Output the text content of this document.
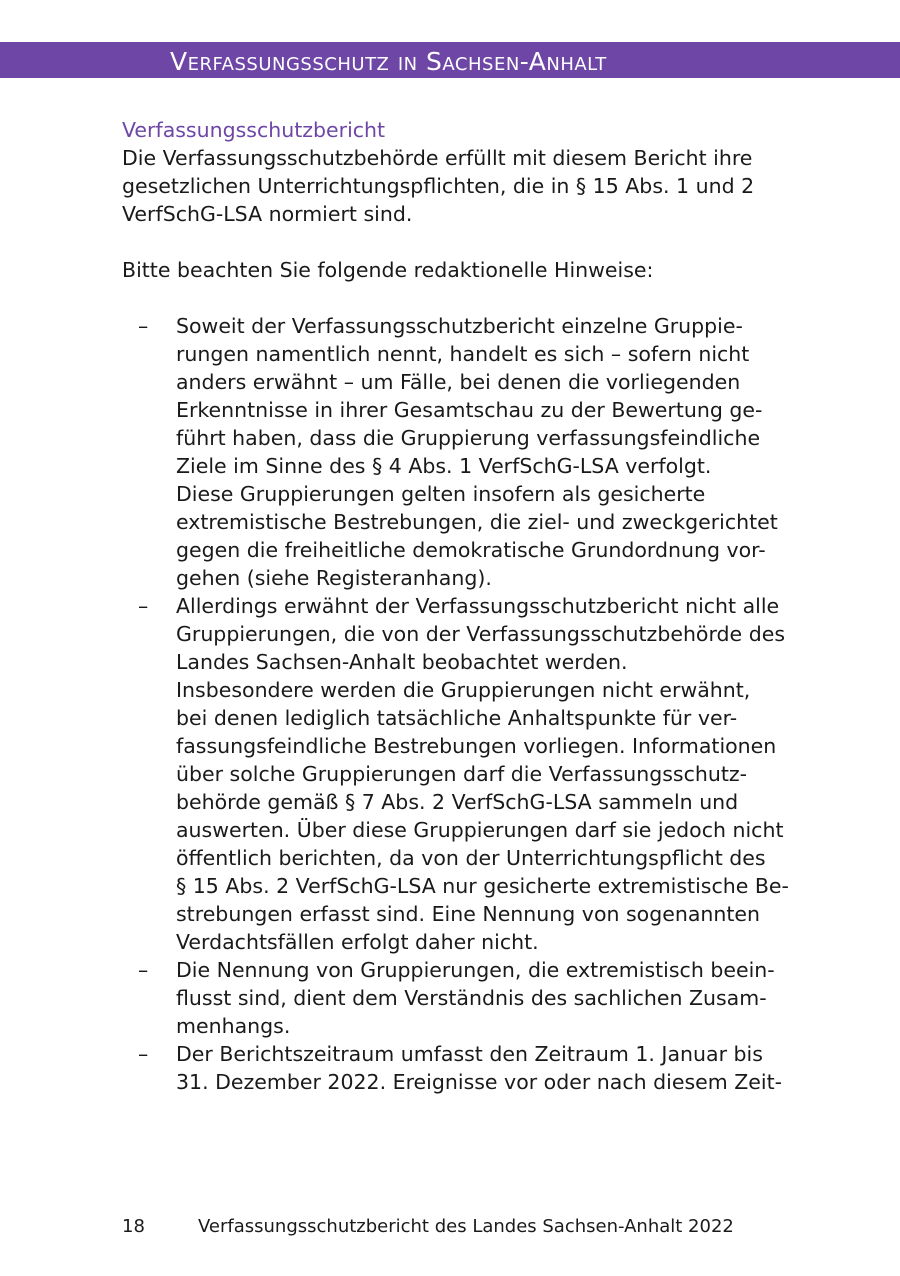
Verfassungsschutz in Sachsen-Anhalt
Verfassungsschutzbericht
Die Verfassungsschutzbehörde erfüllt mit diesem Bericht ihre
gesetzlichen Unterrichtungspflichten, die in § 15 Abs. 1 und 2
VerfSchG-LSA normiert sind.
Bitte beachten Sie folgende redaktionelle Hinweise:
– Soweit der Verfassungsschutzbericht einzelne Gruppie-
rungen namentlich nennt, handelt es sich – sofern nicht
anders erwähnt – um Fälle, bei denen die vorliegenden
Erkenntnisse in ihrer Gesamtschau zu der Bewertung ge-
führt haben, dass die Gruppierung verfassungsfeindliche
Ziele im Sinne des § 4 Abs. 1 VerfSchG-LSA verfolgt.
Diese Gruppierungen gelten insofern als gesicherte
extremistische Bestrebungen, die ziel- und zweckgerichtet
gegen die freiheitliche demokratische Grundordnung vor-
gehen (siehe Registeranhang).
– Allerdings erwähnt der Verfassungsschutzbericht nicht alle
Gruppierungen, die von der Verfassungsschutzbehörde des
Landes Sachsen-Anhalt beobachtet werden.
Insbesondere werden die Gruppierungen nicht erwähnt,
bei denen lediglich tatsächliche Anhaltspunkte für ver-
fassungsfeindliche Bestrebungen vorliegen. Informationen
über solche Gruppierungen darf die Verfassungsschutz-
behörde gemäß § 7 Abs. 2 VerfSchG-LSA sammeln und
auswerten. Über diese Gruppierungen darf sie jedoch nicht
öffentlich berichten, da von der Unterrichtungspflicht des
§ 15 Abs. 2 VerfSchG-LSA nur gesicherte extremistische Be-
strebungen erfasst sind. Eine Nennung von sogenannten
Verdachtsfällen erfolgt daher nicht.
– Die Nennung von Gruppierungen, die extremistisch beein-
flusst sind, dient dem Verständnis des sachlichen Zusam-
menhangs.
– Der Berichtszeitraum umfasst den Zeitraum 1. Januar bis
31. Dezember 2022. Ereignisse vor oder nach diesem Zeit-
18	Verfassungsschutzbericht des Landes Sachsen-Anhalt 2022
